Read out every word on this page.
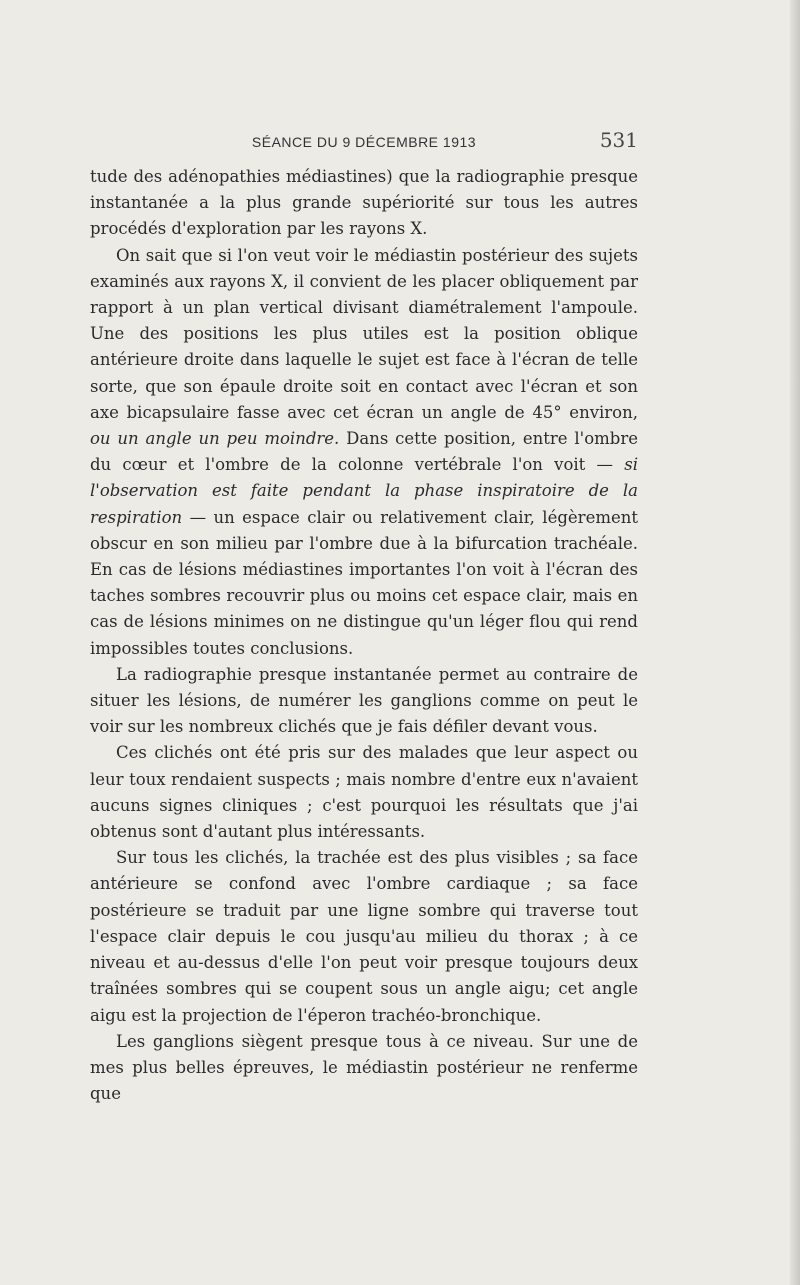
SÉANCE DU 9 DÉCEMBRE 1913	531

tude des adénopathies médiastines) que la radiographie presque instantanée a la plus grande supériorité sur tous les autres procédés d'exploration par les rayons X.

On sait que si l'on veut voir le médiastin postérieur des sujets examinés aux rayons X, il convient de les placer obliquement par rapport à un plan vertical divisant diamétralement l'ampoule. Une des positions les plus utiles est la position oblique antérieure droite dans laquelle le sujet est face à l'écran de telle sorte, que son épaule droite soit en contact avec l'écran et son axe bicapsulaire fasse avec cet écran un angle de 45° environ, ou un angle un peu moindre. Dans cette position, entre l'ombre du cœur et l'ombre de la colonne vertébrale l'on voit — si l'observation est faite pendant la phase inspiratoire de la respiration — un espace clair ou relativement clair, légèrement obscur en son milieu par l'ombre due à la bifurcation trachéale. En cas de lésions médiastines importantes l'on voit à l'écran des taches sombres recouvrir plus ou moins cet espace clair, mais en cas de lésions minimes on ne distingue qu'un léger flou qui rend impossibles toutes conclusions.

La radiographie presque instantanée permet au contraire de situer les lésions, de numérer les ganglions comme on peut le voir sur les nombreux clichés que je fais défiler devant vous.

Ces clichés ont été pris sur des malades que leur aspect ou leur toux rendaient suspects ; mais nombre d'entre eux n'avaient aucuns signes cliniques ; c'est pourquoi les résultats que j'ai obtenus sont d'autant plus intéressants.

Sur tous les clichés, la trachée est des plus visibles ; sa face antérieure se confond avec l'ombre cardiaque ; sa face postérieure se traduit par une ligne sombre qui traverse tout l'espace clair depuis le cou jusqu'au milieu du thorax ; à ce niveau et au-dessus d'elle l'on peut voir presque toujours deux traînées sombres qui se coupent sous un angle aigu; cet angle aigu est la projection de l'éperon trachéo-bronchique.

Les ganglions siègent presque tous à ce niveau. Sur une de mes plus belles épreuves, le médiastin postérieur ne renferme que
